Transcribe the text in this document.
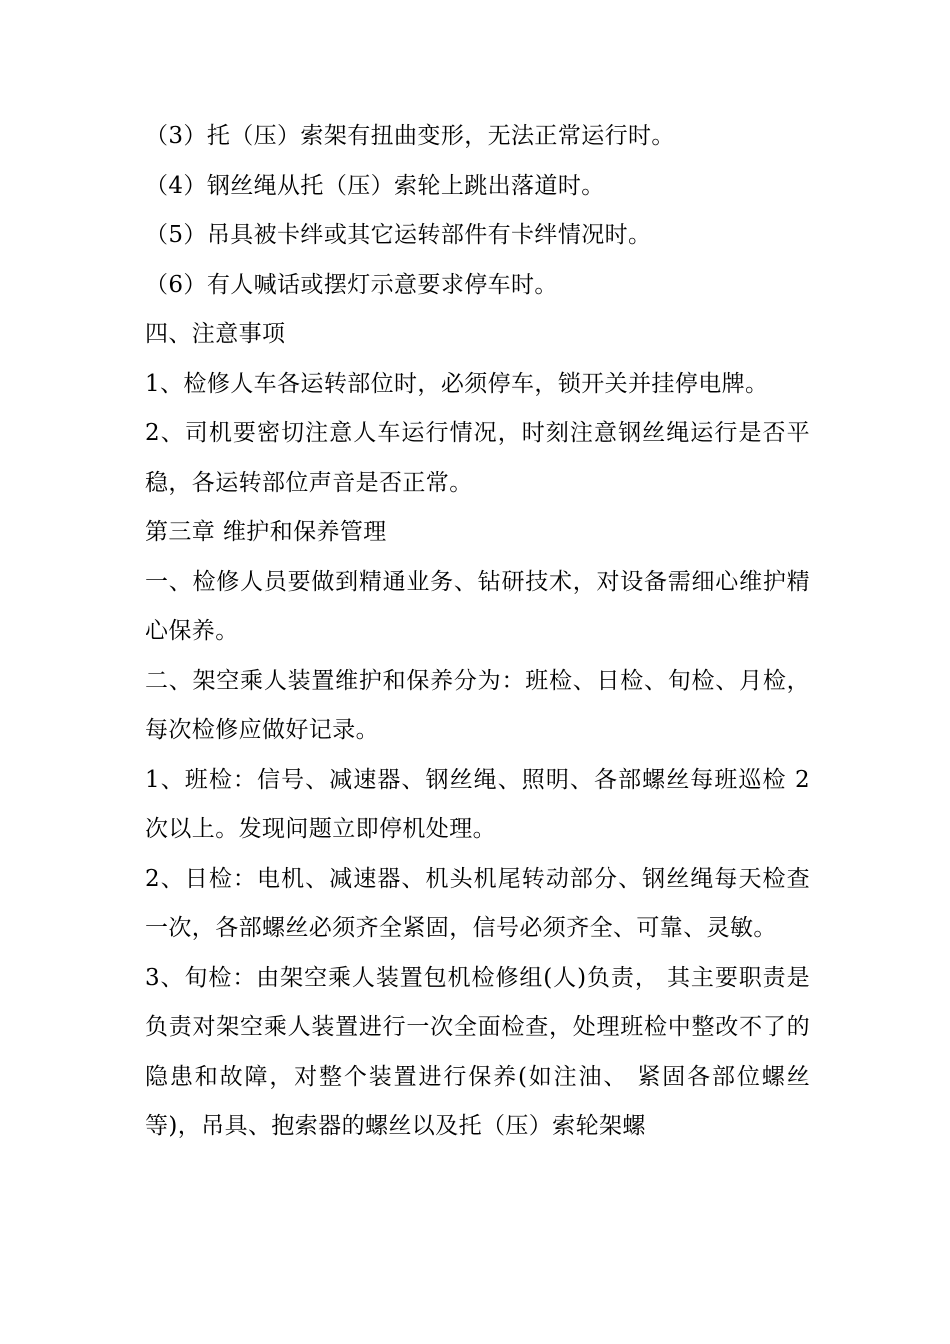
（3）托（压）索架有扭曲变形，无法正常运行时。

（4）钢丝绳从托（压）索轮上跳出落道时。

（5）吊具被卡绊或其它运转部件有卡绊情况时。

（6）有人喊话或摆灯示意要求停车时。

四、注意事项

1、检修人车各运转部位时，必须停车，锁开关并挂停电牌。

2、司机要密切注意人车运行情况，时刻注意钢丝绳运行是否平稳，各运转部位声音是否正常。

第三章 维护和保养管理

一、检修人员要做到精通业务、钻研技术，对设备需细心维护精心保养。

二、架空乘人装置维护和保养分为：班检、日检、旬检、月检，每次检修应做好记录。

1、班检：信号、减速器、钢丝绳、照明、各部螺丝每班巡检 2 次以上。发现问题立即停机处理。

2、日检：电机、减速器、机头机尾转动部分、钢丝绳每天检查一次，各部螺丝必须齐全紧固，信号必须齐全、可靠、灵敏。

3、旬检：由架空乘人装置包机检修组(人)负责， 其主要职责是负责对架空乘人装置进行一次全面检查，处理班检中整改不了的隐患和故障，对整个装置进行保养(如注油、 紧固各部位螺丝等)，吊具、抱索器的螺丝以及托（压）索轮架螺
